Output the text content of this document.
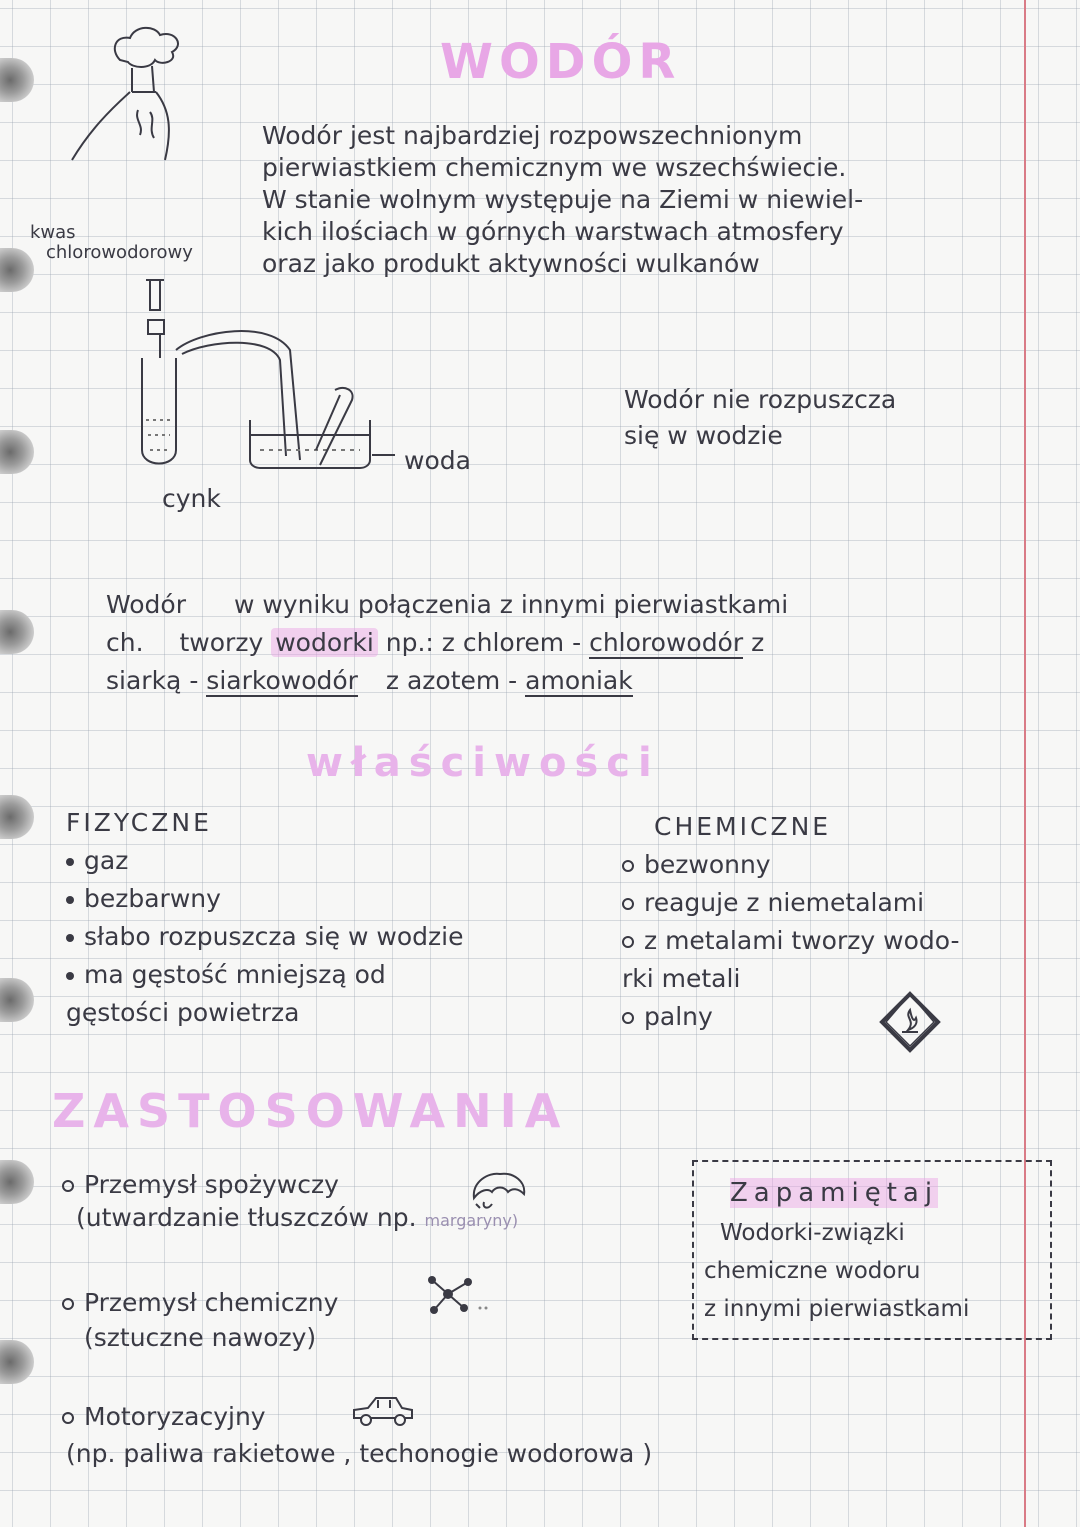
WODÓR
Wodór jest najbardziej rozpowszechnionym
pierwiastkiem chemicznym we wszechświecie.
W stanie wolnym występuje na Ziemi w niewiel-
kich ilościach w górnych warstwach atmosfery
oraz jako produkt aktywności wulkanów
kwas
chlorowodorowy
woda
cynk
Wodór nie rozpuszcza
się w wodzie
Wodór w wyniku połączenia z innymi pierwiastkami
ch. tworzy wodorki np.: z chlorem - chlorowodór z
siarką - siarkowodór z azotem - amoniak
właściwości
FIZYCZNE
gaz
bezbarwny
słabo rozpuszcza się w wodzie
ma gęstość mniejszą od
gęstości powietrza
CHEMICZNE
bezwonny
reaguje z niemetalami
z metalami tworzy wodo-
rki metali
palny
ZASTOSOWANIA
Przemysł spożywczy
(utwardzanie tłuszczów np. margaryny)
Przemysł chemiczny
(sztuczne nawozy)
Motoryzacyjny
(np. paliwa rakietowe , techonogie wodorowa )
Zapamiętaj
Wodorki-związki
chemiczne wodoru
z innymi pierwiastkami
